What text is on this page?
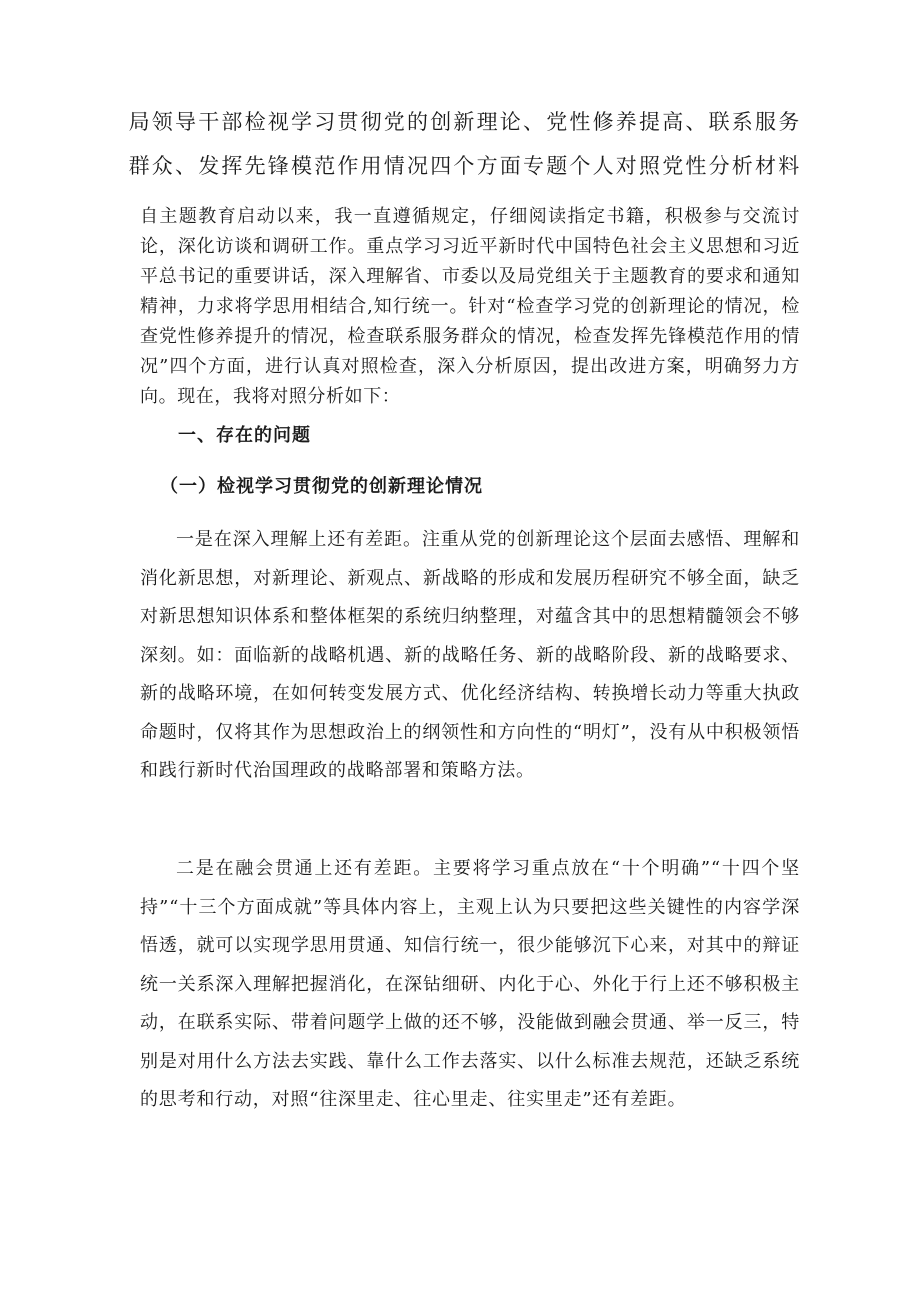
局领导干部检视学习贯彻党的创新理论、党性修养提高、联系服务
群众、发挥先锋模范作用情况四个方面专题个人对照党性分析材料

自主题教育启动以来，我一直遵循规定，仔细阅读指定书籍，积极参与交流讨论，深化访谈和调研工作。重点学习习近平新时代中国特色社会主义思想和习近平总书记的重要讲话，深入理解省、市委以及局党组关于主题教育的要求和通知精神，力求将学思用相结合,知行统一。针对“检查学习党的创新理论的情况，检查党性修养提升的情况，检查联系服务群众的情况，检查发挥先锋模范作用的情况”四个方面，进行认真对照检查，深入分析原因，提出改进方案，明确努力方向。现在，我将对照分析如下：

一、存在的问题
（一）检视学习贯彻党的创新理论情况

一是在深入理解上还有差距。注重从党的创新理论这个层面去感悟、理解和消化新思想，对新理论、新观点、新战略的形成和发展历程研究不够全面，缺乏对新思想知识体系和整体框架的系统归纳整理，对蕴含其中的思想精髓领会不够深刻。如：面临新的战略机遇、新的战略任务、新的战略阶段、新的战略要求、新的战略环境，在如何转变发展方式、优化经济结构、转换增长动力等重大执政命题时，仅将其作为思想政治上的纲领性和方向性的“明灯”，没有从中积极领悟和践行新时代治国理政的战略部署和策略方法。

二是在融会贯通上还有差距。主要将学习重点放在“十个明确”“十四个坚持”“十三个方面成就”等具体内容上，主观上认为只要把这些关键性的内容学深悟透，就可以实现学思用贯通、知信行统一，很少能够沉下心来，对其中的辩证统一关系深入理解把握消化，在深钻细研、内化于心、外化于行上还不够积极主动，在联系实际、带着问题学上做的还不够，没能做到融会贯通、举一反三，特别是对用什么方法去实践、靠什么工作去落实、以什么标准去规范，还缺乏系统的思考和行动，对照“往深里走、往心里走、往实里走”还有差距。
